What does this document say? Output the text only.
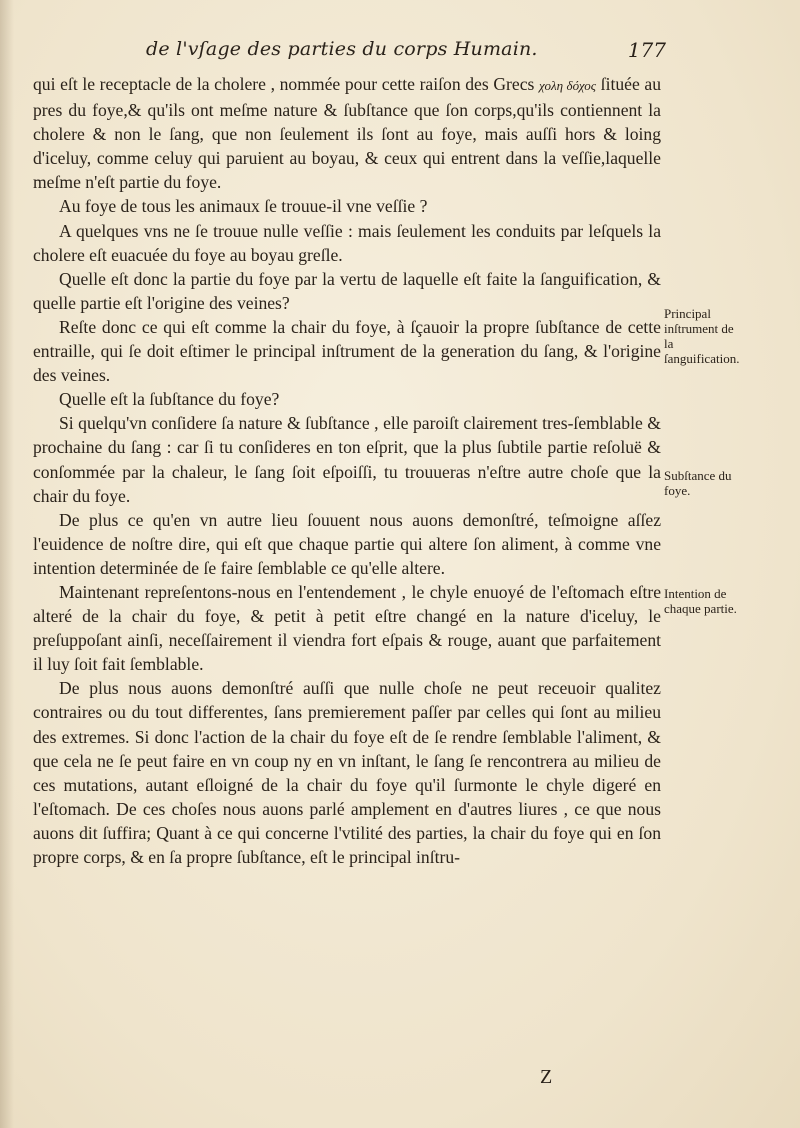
de l'vſage des parties du corps Humain.	177

qui eſt le receptacle de la cholere , nommée pour cette raiſon des Grecs χολη δόχος ſituée au pres du foye,& qu'ils ont meſme nature & ſubſtance que ſon corps,qu'ils contiennent la cholere & non le ſang, que non ſeulement ils ſont au foye, mais auſſi hors & loing d'iceluy, comme celuy qui paruient au boyau, & ceux qui entrent dans la veſſie,laquelle meſme n'eſt partie du foye.

Au foye de tous les animaux ſe trouue-il vne veſſie ?

A quelques vns ne ſe trouue nulle veſſie : mais ſeulement les conduits par leſquels la cholere eſt euacuée du foye au boyau greſle.

Quelle eſt donc la partie du foye par la vertu de laquelle eſt faite la ſanguification, & quelle partie eſt l'origine des veines?

Reſte donc ce qui eſt comme la chair du foye, à ſçauoir la propre ſubſtance de cette entraille, qui ſe doit eſtimer le principal inſtrument de la generation du ſang, & l'origine des veines.

Quelle eſt la ſubſtance du foye?

Si quelqu'vn conſidere ſa nature & ſubſtance , elle paroiſt clairement tres-ſemblable & prochaine du ſang : car ſi tu conſideres en ton eſprit, que la plus ſubtile partie reſoluë & conſommée par la chaleur, le ſang ſoit eſpoiſſi, tu trouueras n'eſtre autre choſe que la chair du foye.

De plus ce qu'en vn autre lieu ſouuent nous auons demonſtré, teſmoigne aſſez l'euidence de noſtre dire, qui eſt que chaque partie qui altere ſon aliment, à comme vne intention determinée de ſe faire ſemblable ce qu'elle altere.

Maintenant repreſentons-nous en l'entendement , le chyle enuoyé de l'eſtomach eſtre alteré de la chair du foye, & petit à petit eſtre changé en la nature d'iceluy, le preſuppoſant ainſi, neceſſairement il viendra fort eſpais & rouge, auant que parfaitement il luy ſoit fait ſemblable.

De plus nous auons demonſtré auſſi que nulle choſe ne peut receuoir qualitez contraires ou du tout differentes, ſans premierement paſſer par celles qui ſont au milieu des extremes. Si donc l'action de la chair du foye eſt de ſe rendre ſemblable l'aliment, & que cela ne ſe peut faire en vn coup ny en vn inſtant, le ſang ſe rencontrera au milieu de ces mutations, autant eſloigné de la chair du foye qu'il ſurmonte le chyle digeré en l'eſtomach. De ces choſes nous auons parlé amplement en d'autres liures , ce que nous auons dit ſuffira; Quant à ce qui concerne l'vtilité des parties, la chair du foye qui en ſon propre corps, & en ſa propre ſubſtance, eſt le principal inſtru-

Principal inſtrument de la ſanguification.
Subſtance du foye.
Intention de chaque partie.
Z
